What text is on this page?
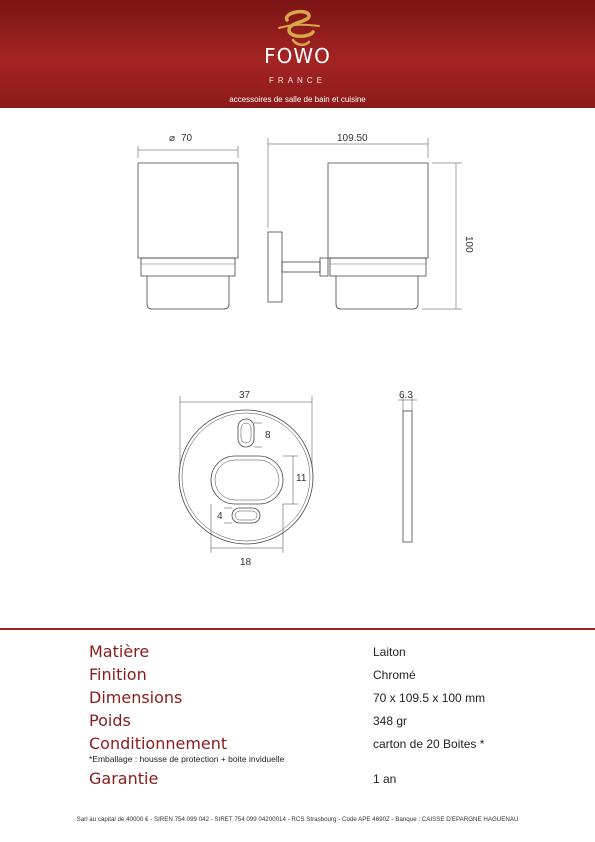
FOWO
FRANCE
accessoires de salle de bain et cuisine
⌀ 70	109.50
100
37	6.3
8
11
4
18
Matière	Laiton
Finition	Chromé
Dimensions	70 x 109.5 x 100 mm
Poids	348 gr
Conditionnement	carton de 20 Boites *
*Emballage : housse de protection + boite inviduelle
Garantie	1 an
Sarl au capital de 40000 € - SIREN 754 099 042 - SIRET 754 099 04200014 - RCS Strasbourg - Code APE 4690Z - Banque : CAISSE D'EPARGNE HAGUENAU
